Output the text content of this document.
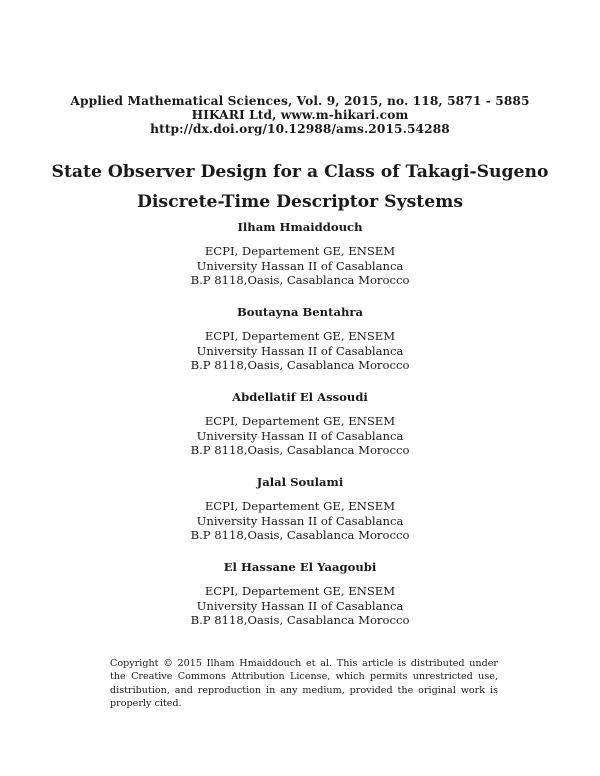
Applied Mathematical Sciences, Vol. 9, 2015, no. 118, 5871 - 5885
HIKARI Ltd, www.m-hikari.com
http://dx.doi.org/10.12988/ams.2015.54288
State Observer Design for a Class of Takagi-Sugeno
Discrete-Time Descriptor Systems
Ilham Hmaiddouch
ECPI, Departement GE, ENSEM
University Hassan II of Casablanca
B.P 8118,Oasis, Casablanca Morocco
Boutayna Bentahra
ECPI, Departement GE, ENSEM
University Hassan II of Casablanca
B.P 8118,Oasis, Casablanca Morocco
Abdellatif El Assoudi
ECPI, Departement GE, ENSEM
University Hassan II of Casablanca
B.P 8118,Oasis, Casablanca Morocco
Jalal Soulami
ECPI, Departement GE, ENSEM
University Hassan II of Casablanca
B.P 8118,Oasis, Casablanca Morocco
El Hassane El Yaagoubi
ECPI, Departement GE, ENSEM
University Hassan II of Casablanca
B.P 8118,Oasis, Casablanca Morocco
Copyright © 2015 Ilham Hmaiddouch et al. This article is distributed under the Creative Commons Attribution License, which permits unrestricted use, distribution, and reproduction in any medium, provided the original work is properly cited.
